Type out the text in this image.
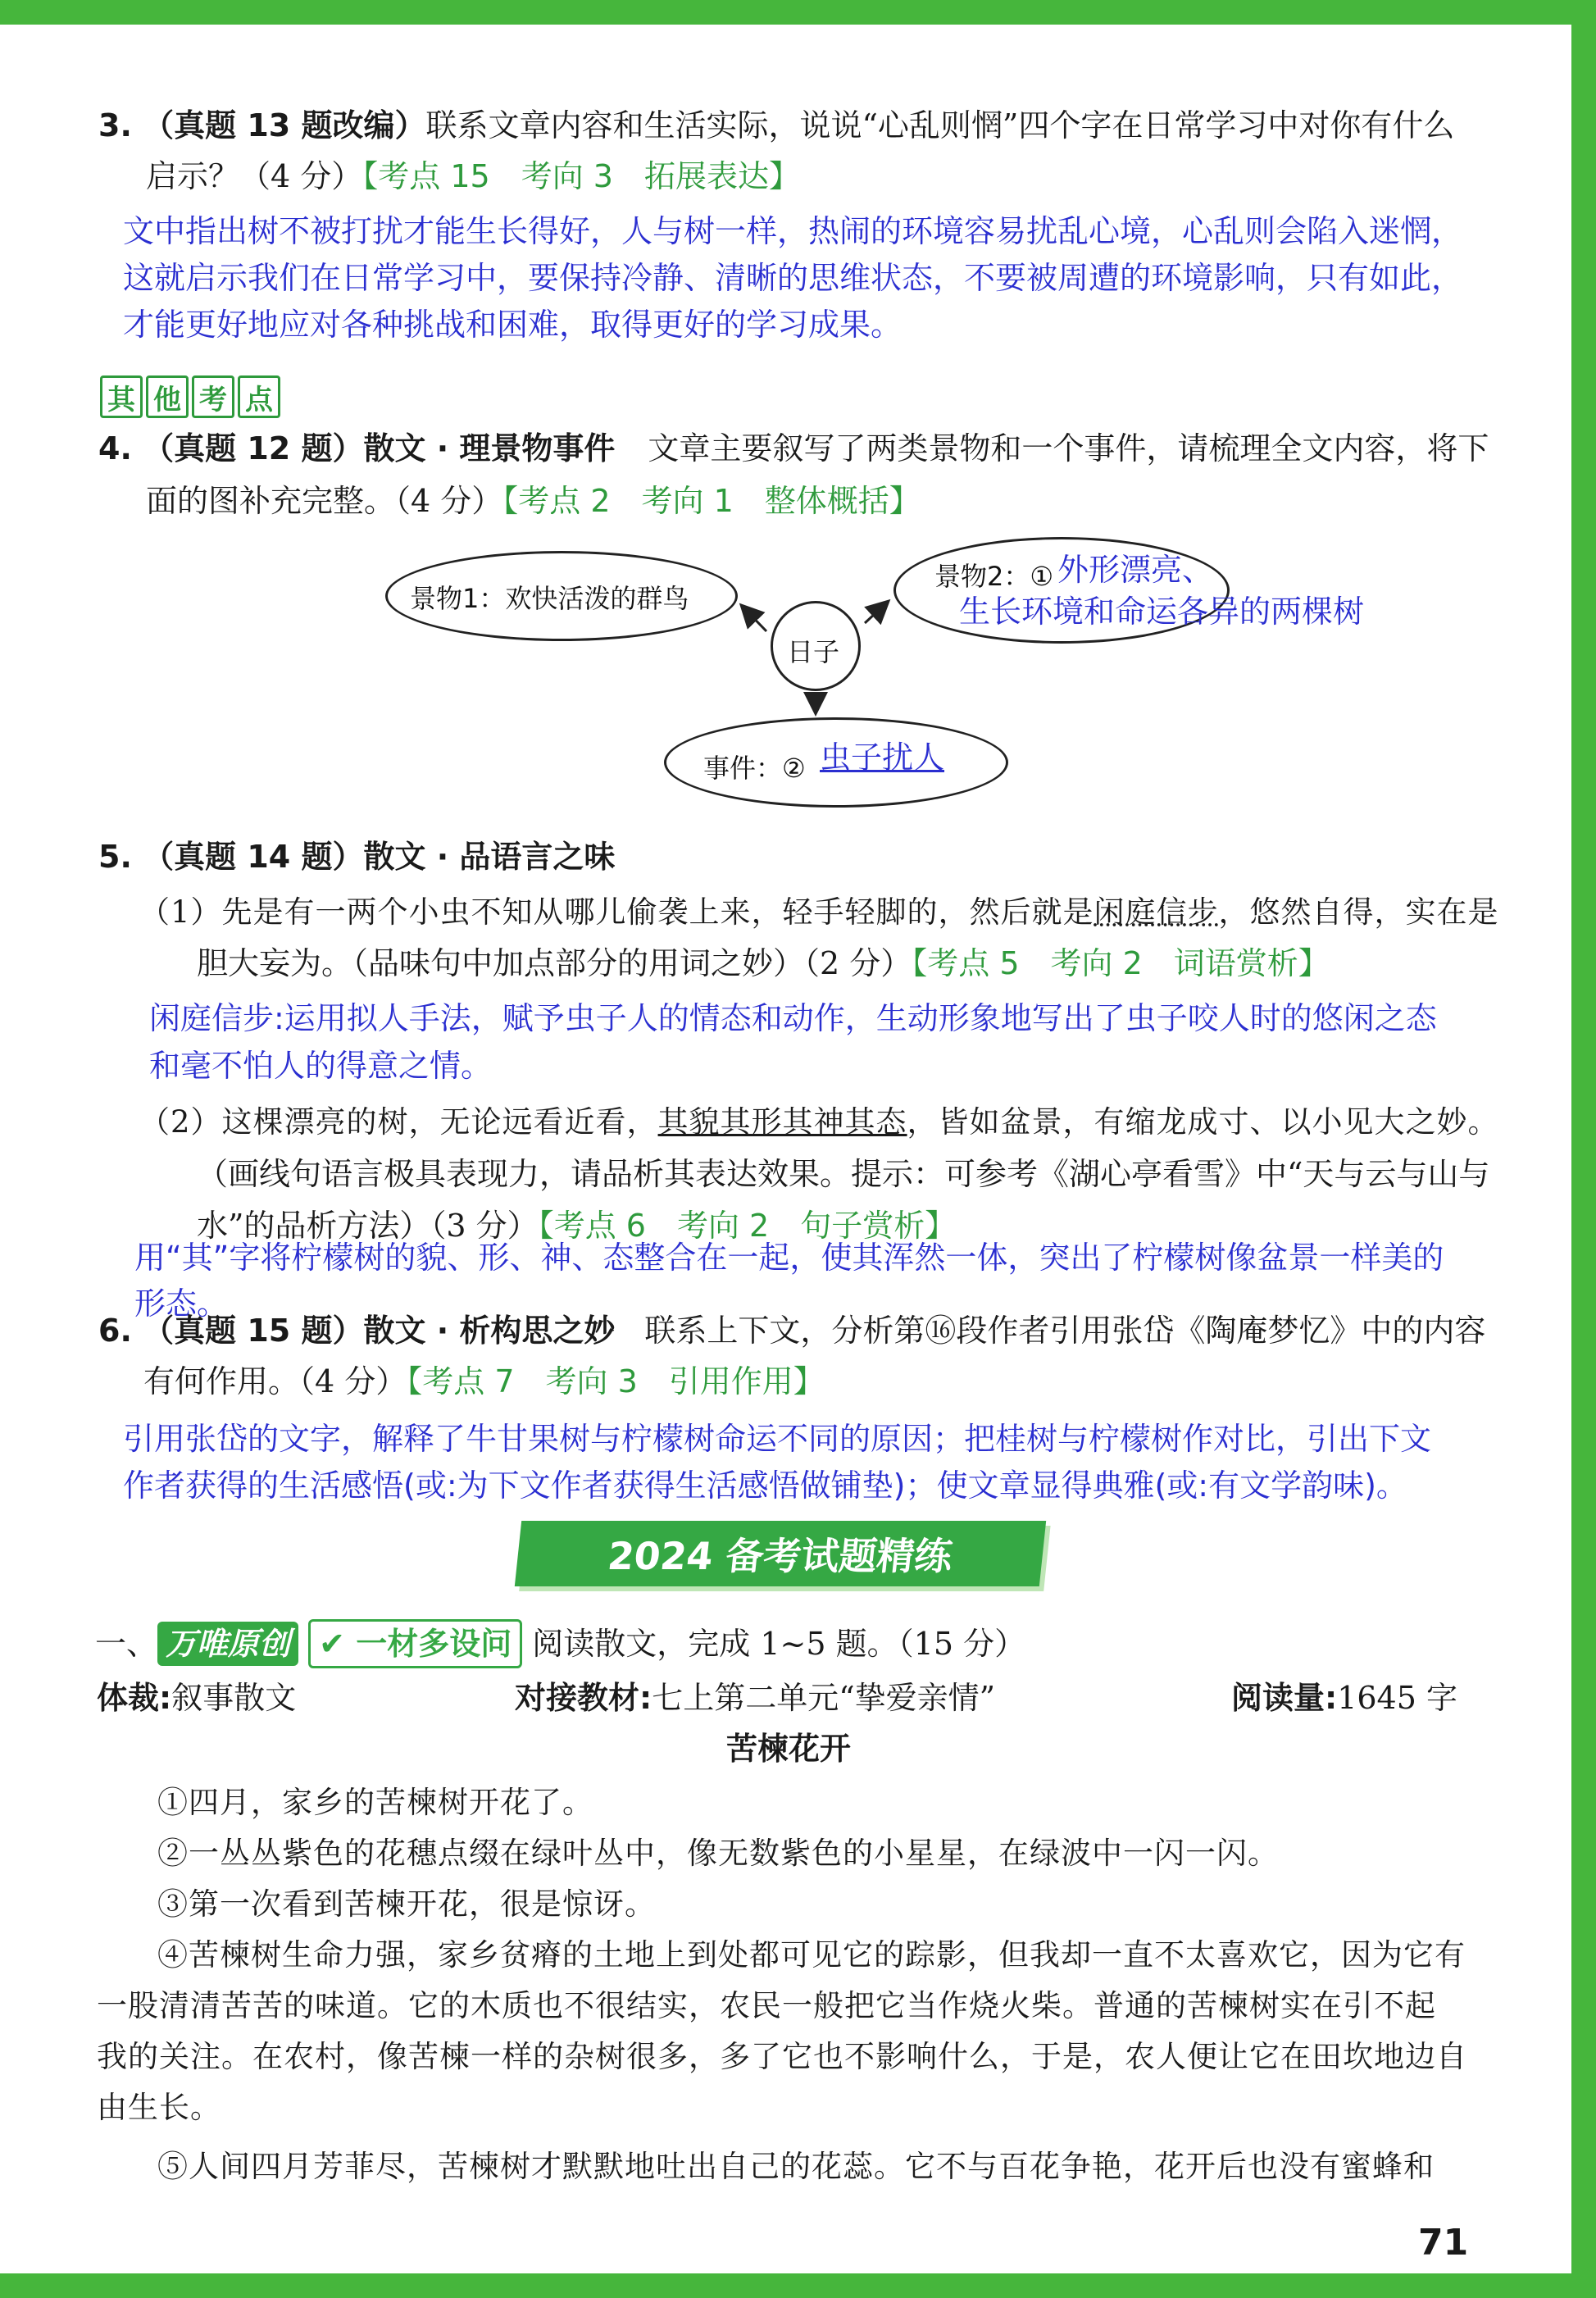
3. （真题 13 题改编）联系文章内容和生活实际，说说“心乱则惘”四个字在日常学习中对你有什么
启示？（4 分）【考点 15　考向 3　拓展表达】
文中指出树不被打扰才能生长得好，人与树一样，热闹的环境容易扰乱心境，心乱则会陷入迷惘，
这就启示我们在日常学习中，要保持冷静、清晰的思维状态，不要被周遭的环境影响，只有如此，
才能更好地应对各种挑战和困难，取得更好的学习成果。
其 他 考 点
4. （真题 12 题）散文 · 理景物事件 文章主要叙写了两类景物和一个事件，请梳理全文内容，将下
面的图补充完整。（4 分）【考点 2　考向 1　整体概括】
景物1：欢快活泼的群鸟
日子
景物2：① 外形漂亮、
生长环境和命运各异的两棵树
事件：② 虫子扰人
5. （真题 14 题）散文 · 品语言之味
（1）先是有一两个小虫不知从哪儿偷袭上来，轻手轻脚的，然后就是闲庭信步，悠然自得，实在是
胆大妄为。（品味句中加点部分的用词之妙）（2 分）【考点 5　考向 2　词语赏析】
闲庭信步:运用拟人手法，赋予虫子人的情态和动作，生动形象地写出了虫子咬人时的悠闲之态
和毫不怕人的得意之情。
（2）这棵漂亮的树，无论远看近看，其貌其形其神其态，皆如盆景，有缩龙成寸、以小见大之妙。
（画线句语言极具表现力，请品析其表达效果。提示：可参考《湖心亭看雪》中“天与云与山与
水”的品析方法）（3 分）【考点 6　考向 2　句子赏析】
用“其”字将柠檬树的貌、形、神、态整合在一起，使其浑然一体，突出了柠檬树像盆景一样美的
形态。
6. （真题 15 题）散文 · 析构思之妙 联系上下文，分析第⑯段作者引用张岱《陶庵梦忆》中的内容
有何作用。（4 分）【考点 7　考向 3　引用作用】
引用张岱的文字，解释了牛甘果树与柠檬树命运不同的原因；把桂树与柠檬树作对比，引出下文
作者获得的生活感悟(或:为下文作者获得生活感悟做铺垫)；使文章显得典雅(或:有文学韵味)。
2024 备考试题精练
一、 万唯原创 ✔ 一材多设问 阅读散文，完成 1~5 题。（15 分）
体裁:叙事散文	对接教材:七上第二单元“挚爱亲情”	阅读量:1645 字
苦楝花开
①四月，家乡的苦楝树开花了。
②一丛丛紫色的花穗点缀在绿叶丛中，像无数紫色的小星星，在绿波中一闪一闪。
③第一次看到苦楝开花，很是惊讶。
④苦楝树生命力强，家乡贫瘠的土地上到处都可见它的踪影，但我却一直不太喜欢它，因为它有
一股清清苦苦的味道。它的木质也不很结实，农民一般把它当作烧火柴。普通的苦楝树实在引不起
我的关注。在农村，像苦楝一样的杂树很多，多了它也不影响什么，于是，农人便让它在田坎地边自
由生长。
⑤人间四月芳菲尽，苦楝树才默默地吐出自己的花蕊。它不与百花争艳，花开后也没有蜜蜂和
71
